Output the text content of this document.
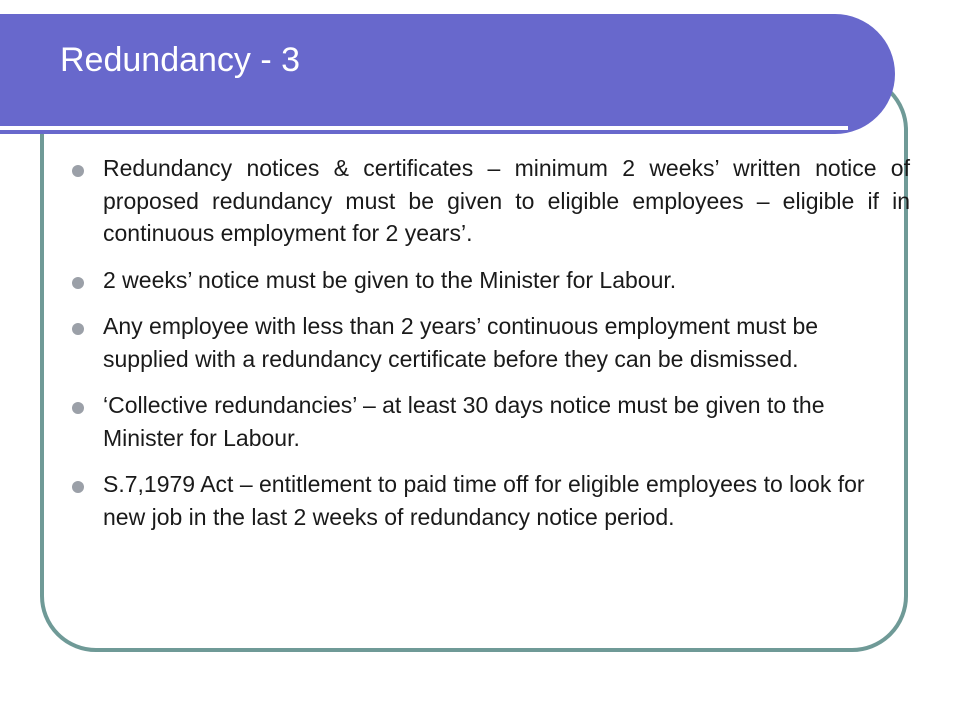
Redundancy - 3
Redundancy notices & certificates – minimum 2 weeks’ written notice of proposed redundancy must be given to eligible employees – eligible if in continuous employment for 2 years’.
2 weeks’ notice must be given to the Minister for Labour.
Any employee with less than 2 years’ continuous employment must be supplied with a redundancy certificate before they can be dismissed.
‘Collective redundancies’ – at least 30 days notice must be given to the Minister for Labour.
S.7,1979 Act – entitlement to paid time off for eligible employees to look for new job in the last 2 weeks of redundancy notice period.
